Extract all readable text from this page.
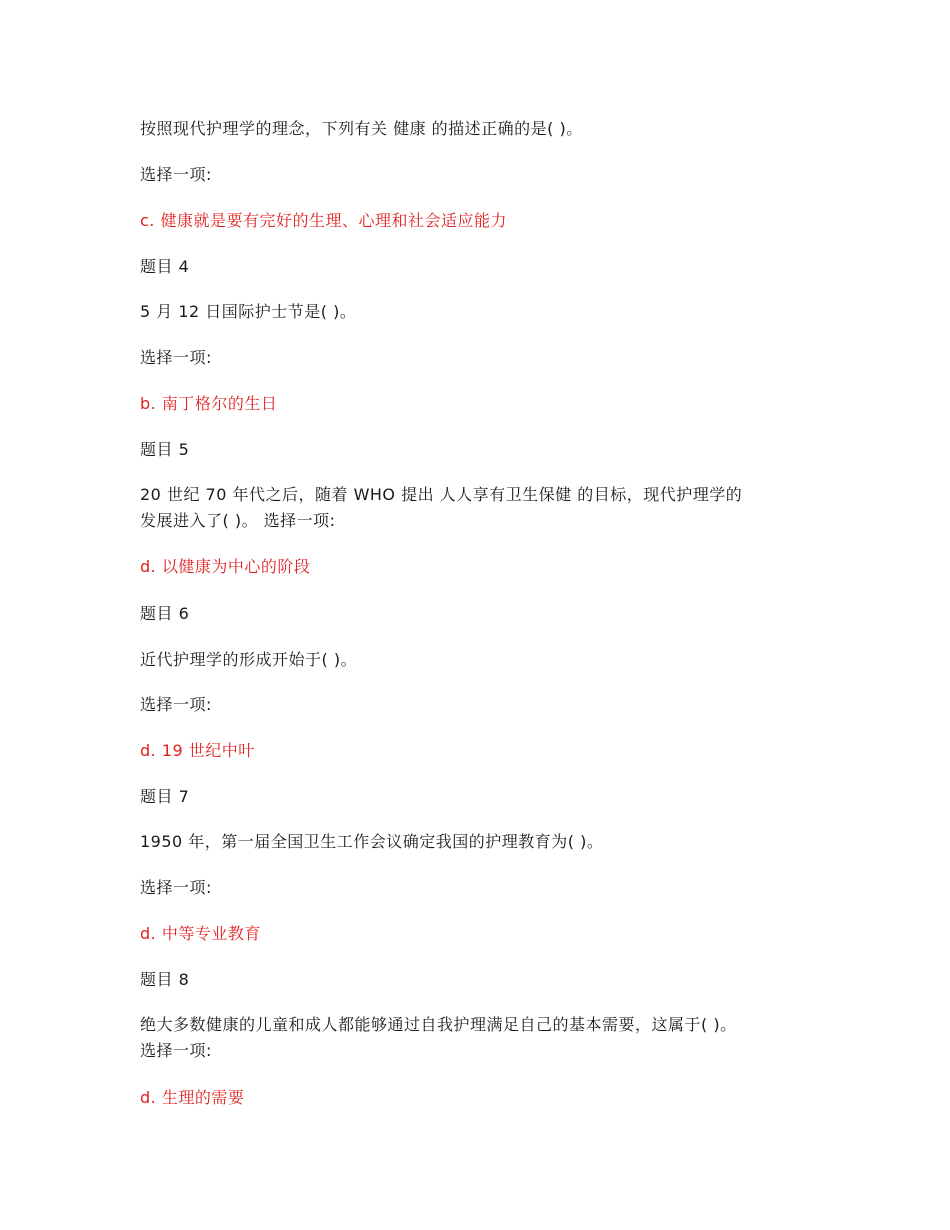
按照现代护理学的理念，下列有关 健康 的描述正确的是( )。
选择一项:
c. 健康就是要有完好的生理、心理和社会适应能力
题目 4
5 月 12 日国际护士节是( )。
选择一项:
b. 南丁格尔的生日
题目 5
20 世纪 70 年代之后，随着 WHO 提出 人人享有卫生保健 的目标，现代护理学的
发展进入了( )。 选择一项:
d. 以健康为中心的阶段
题目 6
近代护理学的形成开始于( )。
选择一项:
d. 19 世纪中叶
题目 7
1950 年，第一届全国卫生工作会议确定我国的护理教育为( )。
选择一项:
d. 中等专业教育
题目 8
绝大多数健康的儿童和成人都能够通过自我护理满足自己的基本需要，这属于( )。
选择一项:
d. 生理的需要
